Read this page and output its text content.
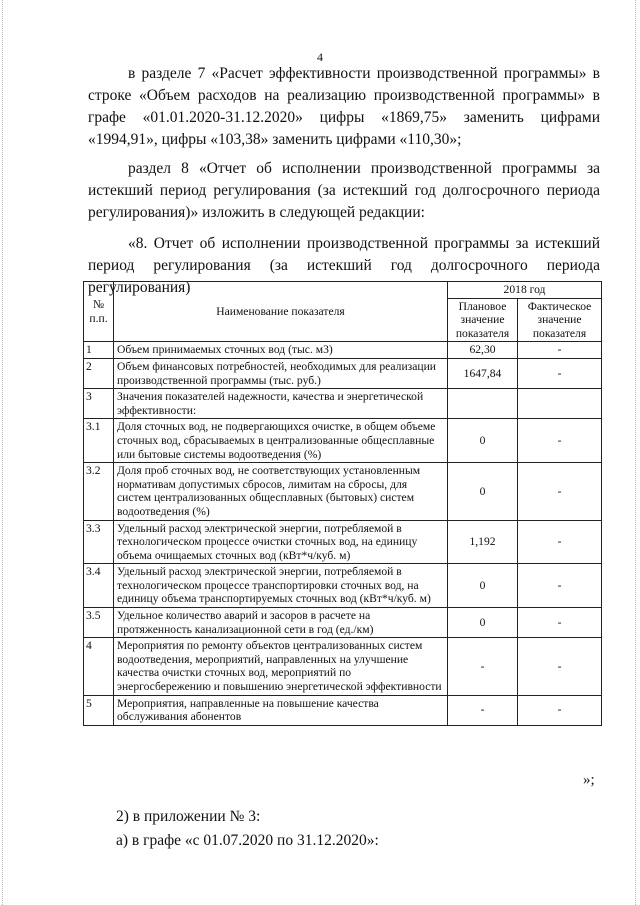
4

в разделе 7 «Расчет эффективности производственной программы» в строке «Объем расходов на реализацию производственной программы» в графе «01.01.2020-31.12.2020» цифры «1869,75» заменить цифрами «1994,91», цифры «103,38» заменить цифрами «110,30»;

раздел 8 «Отчет об исполнении производственной программы за истекший период регулирования (за истекший год долгосрочного периода регулирования)» изложить в следующей редакции:

«8. Отчет об исполнении производственной программы за истекший период регулирования (за истекший год долгосрочного периода регулирования)

№ п.п.	Наименование показателя	2018 год	
		Плановое значение показателя	Фактическое значение показателя
1	Объем принимаемых сточных вод (тыс. м3)	62,30	-
2	Объем финансовых потребностей, необходимых для реализации производственной программы (тыс. руб.)	1647,84	-
3	Значения показателей надежности, качества и энергетической эффективности:		
3.1	Доля сточных вод, не подвергающихся очистке, в общем объеме сточных вод, сбрасываемых в централизованные общесплавные или бытовые системы водоотведения (%)	0	-
3.2	Доля проб сточных вод, не соответствующих установленным нормативам допустимых сбросов, лимитам на сбросы, для систем централизованных общесплавных (бытовых) систем водоотведения (%)	0	-
3.3	Удельный расход электрической энергии, потребляемой в технологическом процессе очистки сточных вод, на единицу объема очищаемых сточных вод (кВт*ч/куб. м)	1,192	-
3.4	Удельный расход электрической энергии, потребляемой в технологическом процессе транспортировки сточных вод, на единицу объема транспортируемых сточных вод (кВт*ч/куб. м)	0	-
3.5	Удельное количество аварий и засоров в расчете на протяженность канализационной сети в год (ед./км)	0	-
4	Мероприятия по ремонту объектов централизованных систем водоотведения, мероприятий, направленных на улучшение качества очистки сточных вод, мероприятий по энергосбережению и повышению энергетической эффективности	-	-
5	Мероприятия, направленные на повышение качества обслуживания абонентов	-	-
»;
2) в приложении № 3:
а) в графе «с 01.07.2020 по 31.12.2020»:
